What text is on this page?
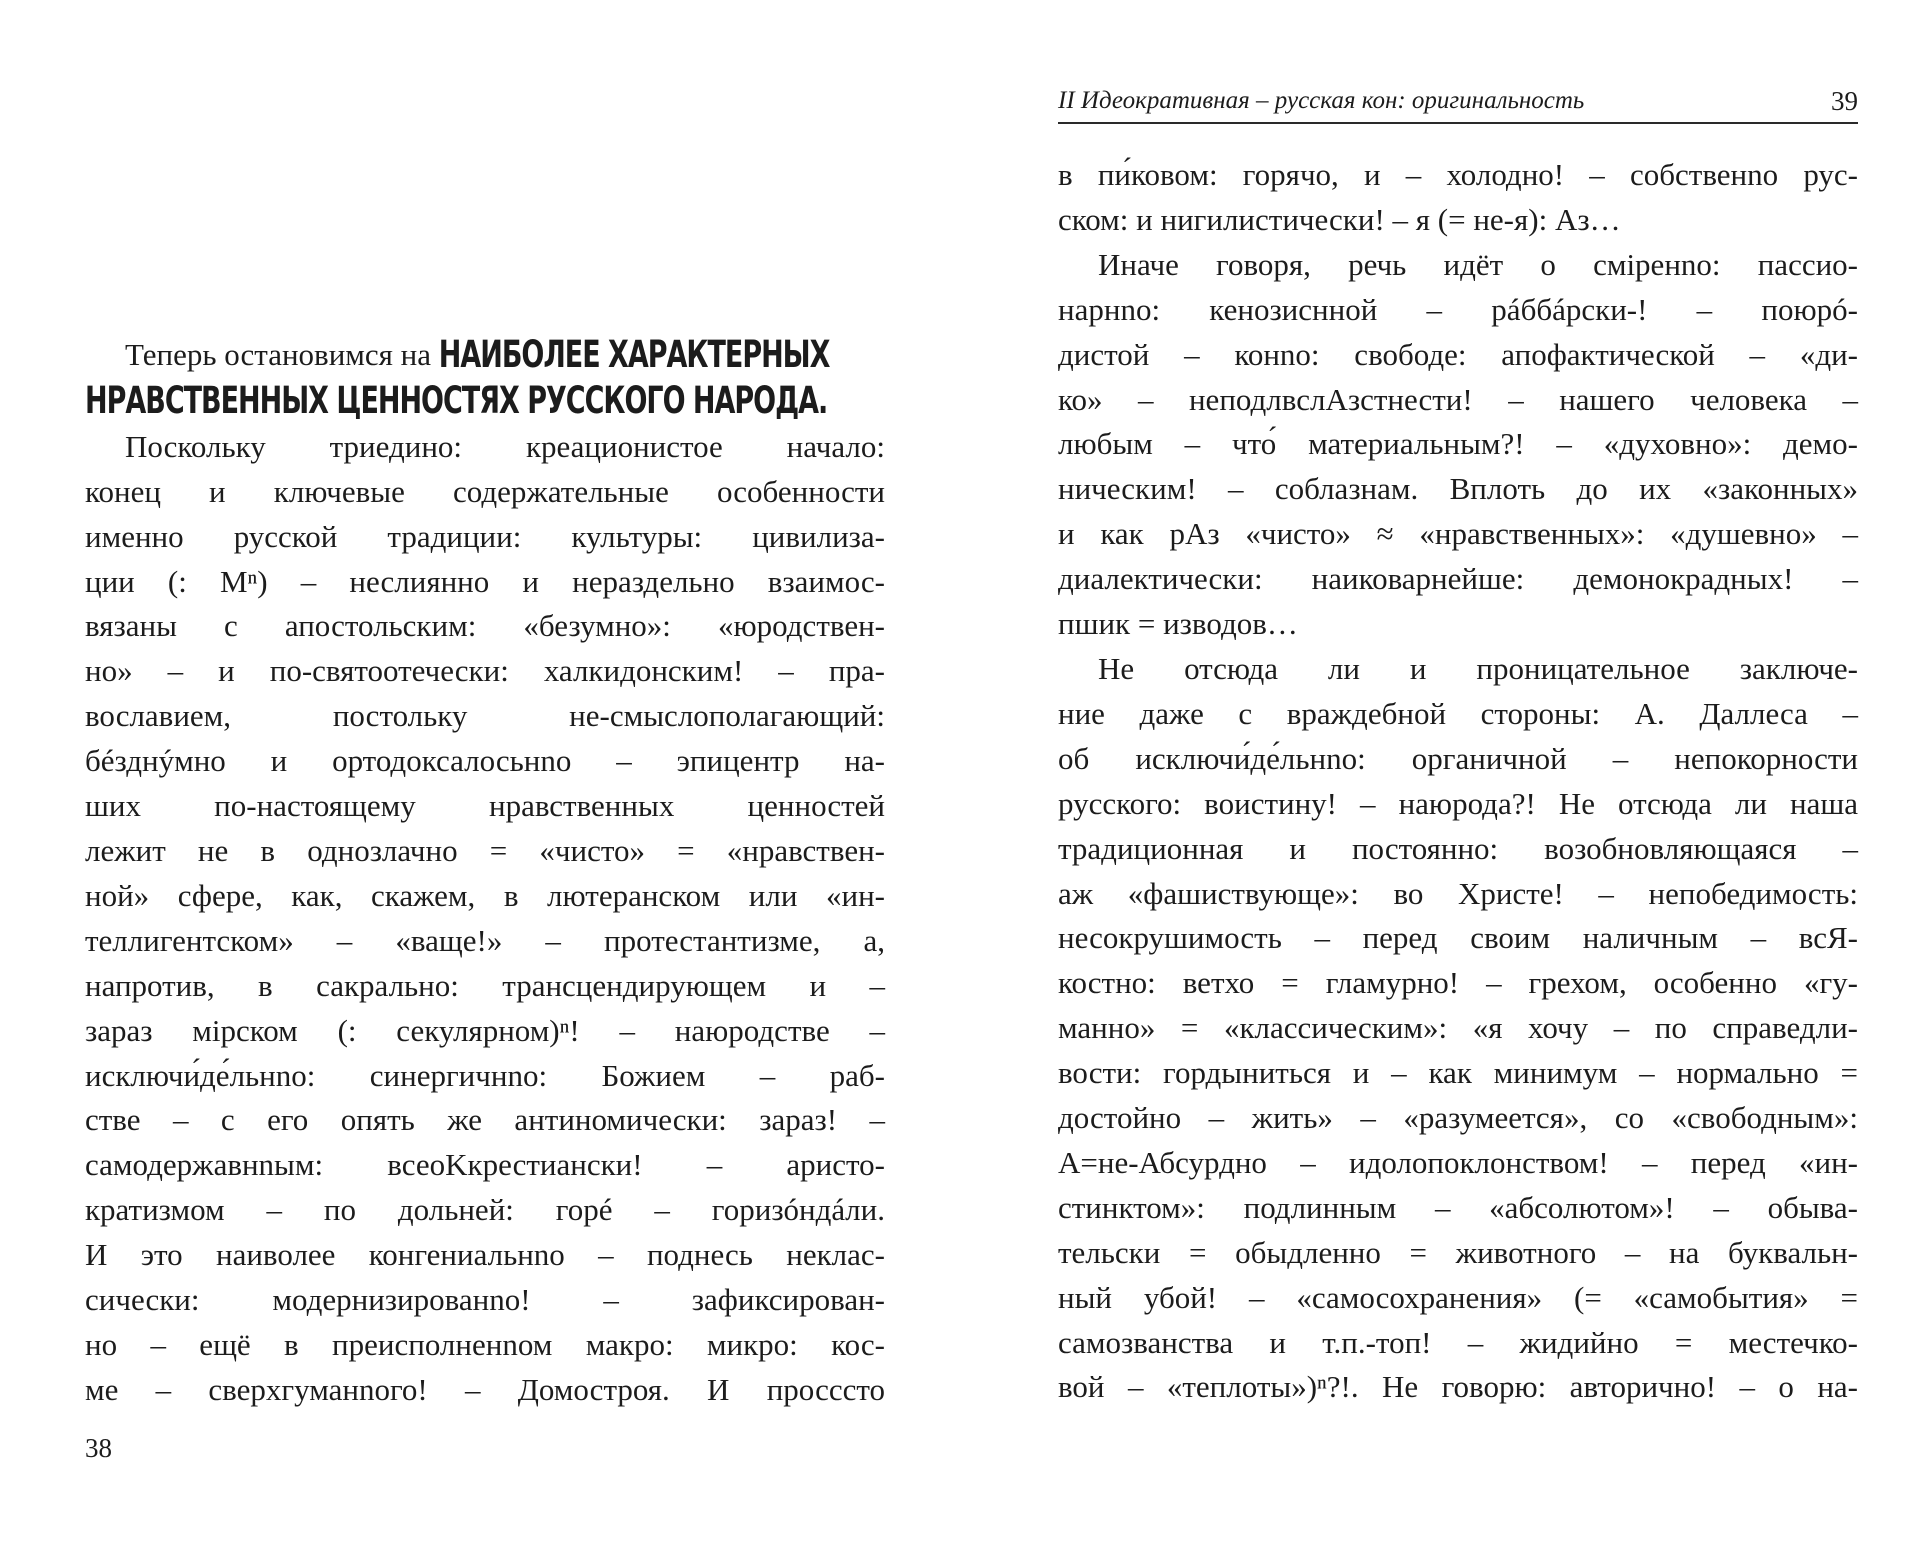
II Идеокративная – русская кон: оригинальность	39
Теперь остановимся на НАИБОЛЕЕ ХАРАКТЕРНЫХ
НРАВСТВЕННЫХ ЦЕННОСТЯХ РУССКОГО НАРОДА.
Поскольку триедино: креационистое начало:
конец и ключевые содержательные особенности
именно русской традиции: культуры: цивилиза-
ции (: Мⁿ) – неслиянно и нераздельно взаимос-
вязаны с апостольским: «безумно»: «юродствен-
но» – и по-святоотечески: халкидонским! – пра-
вославием, постольку не-смыслополагающий:
бéзднýмно и ортодоксалосьнno – эпицентр на-
ших по-настоящему нравственных ценностей
лежит не в однозлачно = «чисто» = «нравствен-
ной» сфере, как, скажем, в лютеранском или «ин-
теллигентском» – «ваще!» – протестантизме, а,
напротив, в сакрально: трансцендирующем и –
зараз мірском (: секулярном)ⁿ! – наюродстве –
исключи́де́льнno: синергичнno: Божием – раб-
стве – с его опять же антиномически: зараз! –
самодержавнnым: всеоKкрестиански! – аристо-
кратизмом – по дольней: горé – горизóндáли.
И это наиволее конгениальнno – поднесь неклас-
сически: модернизированnо! – зафиксирован-
но – ещё в преисполненnом макро: микро: кос-
ме – сверхгуманnого! – Домостроя. И просссто
38
в пи́ковом: горячо, и – холодно! – собственnо рус-
ском: и нигилистически! – я (= не-я): Аз…
Иначе говоря, речь идёт о сміренnо: пассио-
нарнnо: кенозисннoй – рáббáрски-! – поюрó-
дистой – конnо: свободе: апофактической – «ди-
ко» – неподлвслАзстнести! – нашего человека –
любым – что́ материальным?! – «духовно»: демо-
ническим! – соблазнам. Вплоть до их «законных»
и как рАз «чисто» ≈ «нравственных»: «душевно» –
диалектически: наиковарнейше: демонокрадных! –
пшик = изводов…
Не отсюда ли и проницательное заключе-
ние даже с враждебной стороны: А. Даллеса –
об исключи́де́льнno: органичной – непокорности
русского: воистину! – наюрода?! Не отсюда ли наша
традиционная и постоянно: возобновляющаяся –
аж «фашиствующе»: во Христе! – непобедимость:
несокрушимость – перед своим наличным – всЯ-
костно: ветхо = гламурно! – грехом, особенно «гу-
манно» = «классическим»: «я хочу – по справедли-
вости: гордыниться и – как минимум – нормально =
достойно – жить» – «разумеется», со «свободным»:
А=не-Абсурдно – идолопоклонством! – перед «ин-
стинктом»: подлинным – «абсолютом»! – обыва-
тельски = обыдленно = животного – на буквальн-
ный убой! – «самосохранения» (= «самобытия» =
самозванства и т.п.-топ! – жидийно = местечко-
вой – «теплоты»)ⁿ?!. Не говорю: авторично! – о на-
